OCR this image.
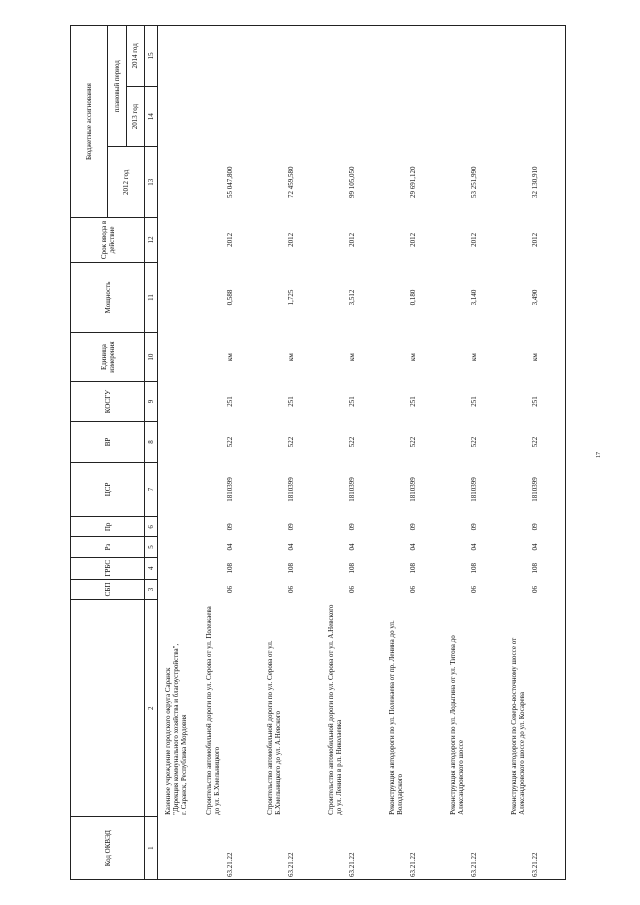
Код ОКВЭД		СБП	ГРБС	Рз	Пр	ЦСР	ВР	КОСГУ	Единица измерения	Мощность	Срок ввода в действие	Бюджетные ассигнования		
												2012 год	плановый период	
													2013 год	2014 год
1	2	3	4	5	6	7	8	9	10	11	12	13	14	15
	Казенное учреждение городского округа Саранск
"Дирекция коммунального хозяйства и благоустройства",
г. Саранск, Республика Мордовия													
63.21.22	Строительство автомобильной дороги по ул. Серова от ул. Полежаева до ул. Б.Хмельницкого	06	108	04	09	1810399	522	251	км	0,588	2012	55 047,800		
63.21.22	Строительство автомобильной дороги по ул. Серова от ул. Б.Хмельницкого до ул. А.Невского	06	108	04	09	1810399	522	251	км	1,725	2012	72 459,580		
63.21.22	Строительство автомобильной дороги по ул. Серова от ул. А.Невского до ул. Ленина в р.п. Николаевка	06	108	04	09	1810399	522	251	км	3,512	2012	99 105,050		
63.21.22	Реконструкция автодороги по ул. Полежаева от пр. Ленина до ул. Володарского	06	108	04	09	1810399	522	251	км	0,180	2012	29 691,120		
63.21.22	Реконструкция автодороги по ул. Лодыгина от ул. Титова до Александровского шоссе	06	108	04	09	1810399	522	251	км	3,140	2012	53 251,990		
63.21.22	Реконструкция автодороги по Северо-восточному шоссе от Александровского шоссе до ул. Косарева	06	108	04	09	1810399	522	251	км	3,490	2012	32 130,910		
17
